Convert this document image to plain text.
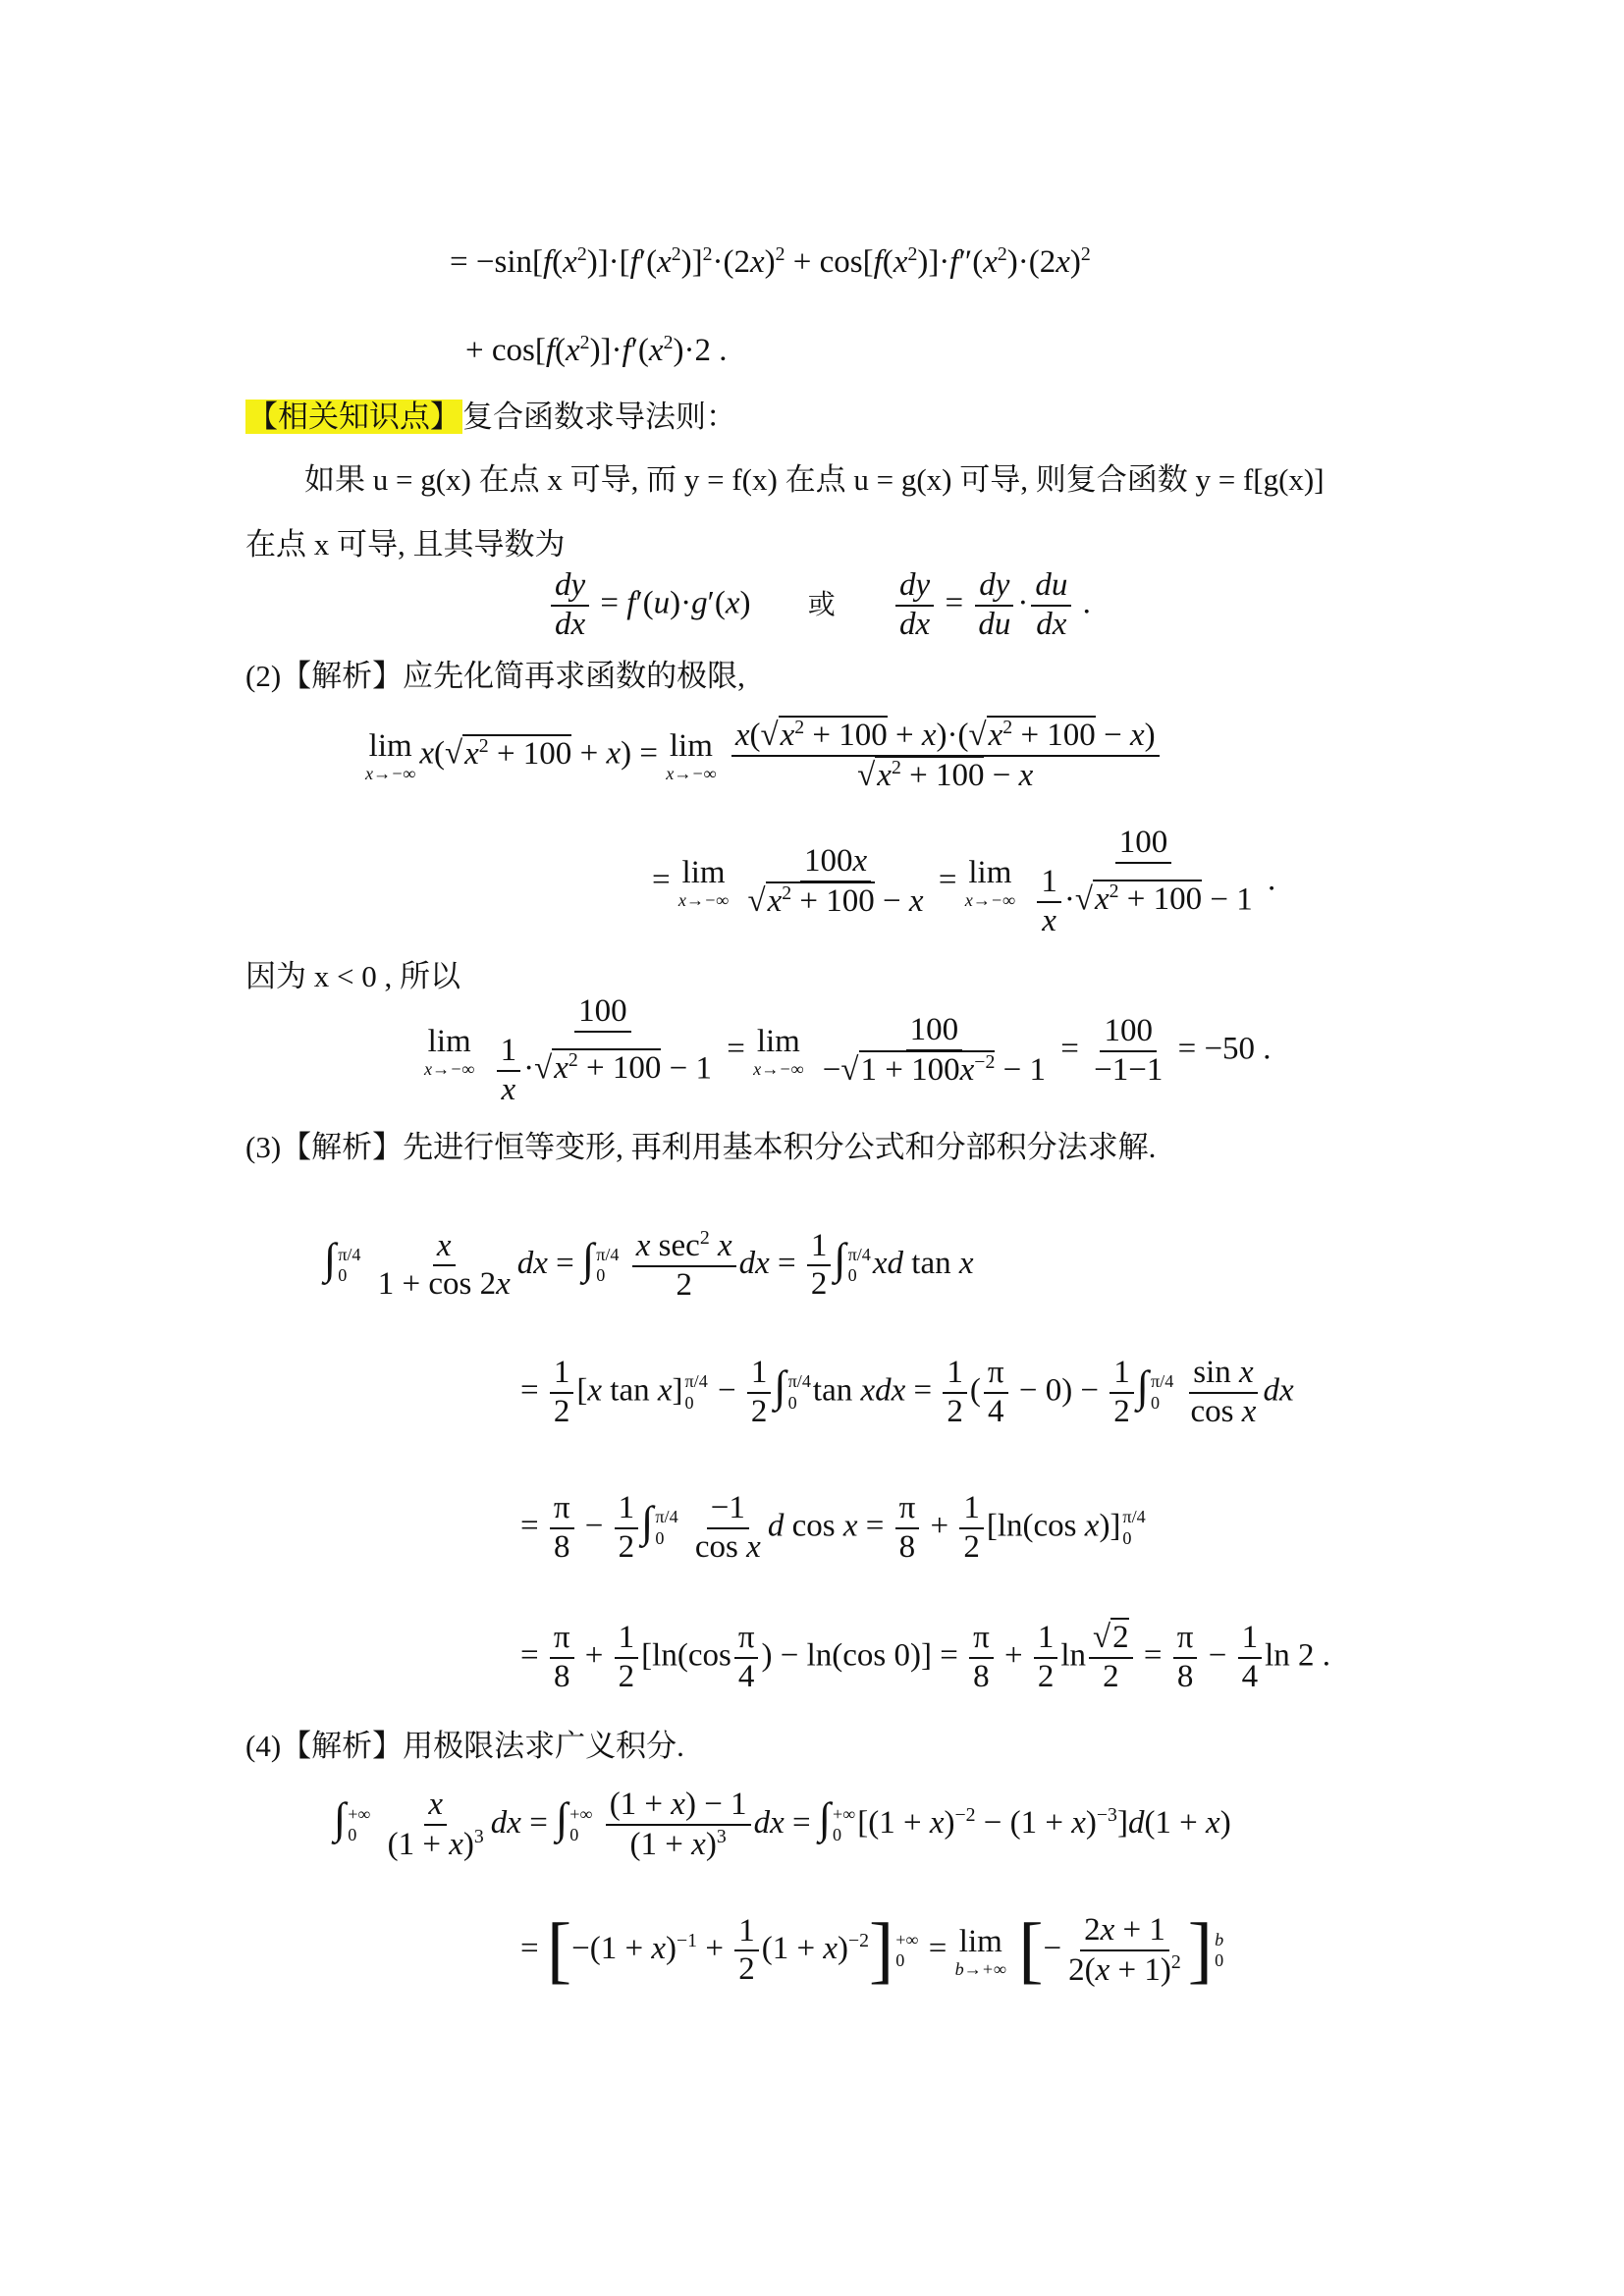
= $-\sin[f(x^2)]\cdot[f'(x^2)]^2\cdot(2x)^2 + \cos[f(x^2)]\cdot f''(x^2)\cdot(2x)^2$
+ $\cos[f(x^2)]\cdot f'(x^2)\cdot 2$ .
【相关知识点】复合函数求导法则：
如果 u = g(x) 在点 x 可导, 而 y = f(x) 在点 u = g(x) 可导, 则复合函数 y = f[g(x)]
在点 x 可导, 且其导数为
$\frac{dy}{dx} = f'(u)\cdot g'(x)$ 或 $\frac{dy}{dx} = \frac{dy}{du} \cdot \frac{du}{dx}$ .
(2)【解析】应先化简再求函数的极限,
lim
x→−∞
$x(√x^2 + 100 + x) = \lim$
x→−∞
$\frac{x(√x^2 + 100 + x)\cdot(√x^2 + 100 - x)}{√x^2 + 100 - x}$
= lim
x→−∞
$\frac{100x}{√x^2 + 100 - x} = \lim$
x→−∞
$\frac{100}{\frac{1}{x} \cdot√x^2 + 100 - 1}$ .
因为 x < 0 , 所以
lim
x→−∞
$\frac{100}{\frac{1}{x} \cdot√x^2 + 100 - 1} = \lim$
x→−∞
$\frac{100}{-√1 + 100x^{-2} - 1} = \frac{100}{-1-1} = -50$ .
(3)【解析】先进行恒等变形, 再利用基本积分公式和分部积分法求解.
∫ π/4
0
$\frac{x}{1 + \cos 2x}$ dx = ∫ π/4
0
$\frac{x \sec^2 x}{2}$ dx = $\frac{1}{2}$ ∫ π/4
0 xd tan x
= $\frac{1}{2} [x$ tan x] π/4
$0 - \frac{1}{2}$ ∫ π/4
0 tan xdx = $\frac{1}{2}$ ( $\frac{\pi}{4} - 0) - \frac{1}{2}$ ∫ π/4
0
$\frac{\text{sin x}}{\text{cos x}}$ dx
= $\frac{\pi}{8} - \frac{1}{2}$ ∫ π/4
0
$\frac{-1}{\text{cos x}}$ d $\cos x = \frac{\pi}{8} + \frac{1}{2} [\ln(\cos$ x)] π/4
0
= $\frac{\pi}{8} + \frac{1}{2} [\ln(\cos \frac{\pi}{4}$ ) − ln(cos $0)] = \frac{\pi}{8} + \frac{1}{2}$ $\ln \frac{√2}{2} = \frac{\pi}{8} - \frac{1}{4}$ ln 2 .
(4)【解析】用极限法求广义积分.
∫ +∞
0
$\frac{x}{(1 + x)^3}$ dx = ∫ +∞
0
$\frac{(1 + x) - 1}{(1 + x)^3}$ dx = ∫ +∞
0 $[(1 + x)^{-2} - (1 + x)^{-3}]d(1 + x)$
= $[-(1 + x)^{-1} + \frac{1}{2} (1 + x)^{-2}]$ +∞
0 = lim
b→+∞ [− $\frac{2x + 1}{2(x + 1)^2}$ ] b
0
